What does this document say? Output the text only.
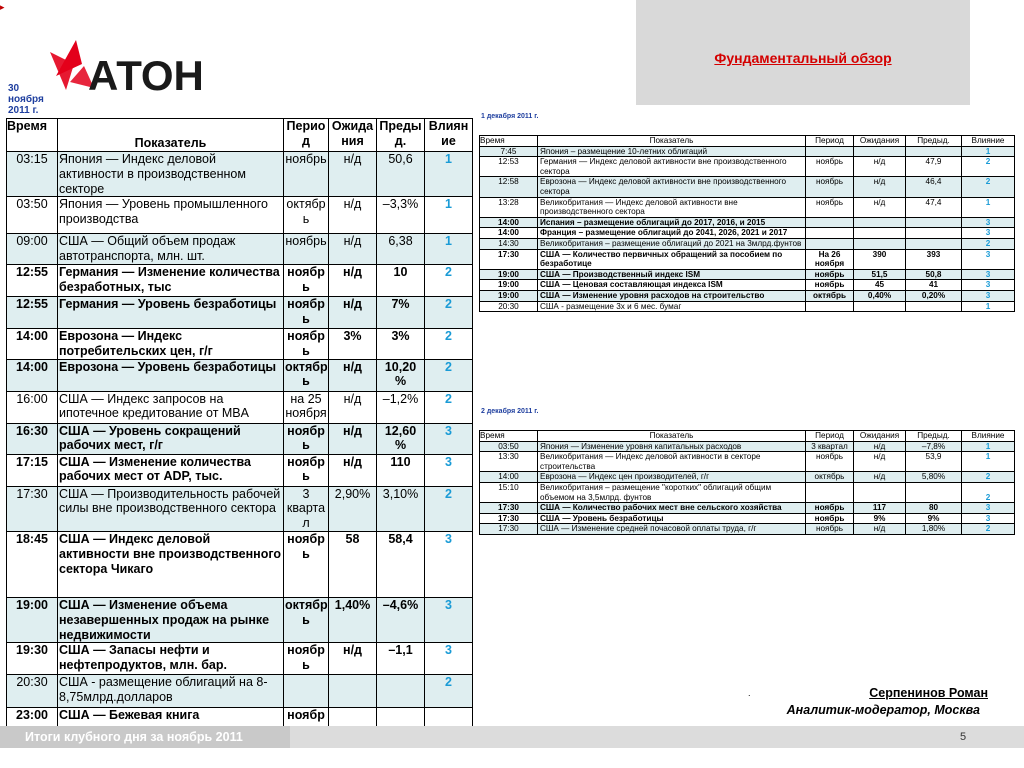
▸
Фундаментальный обзор
АТОН
30 ноября 2011 г.
1 декабря 2011 г.
2 декабря 2011 г.
Время	Показатель	Перио д	Ожида ния	Преды д.	Влиян ие
03:15	Япония — Индекс деловой активности в производственном секторе	ноябрь	н/д	50,6	1
03:50	Япония — Уровень промышленного производства	октябр ь	н/д	–3,3%	1
09:00	США — Общий объем продаж автотранспорта, млн. шт.	ноябрь	н/д	6,38	1
12:55	Германия — Изменение количества безработных, тыс	ноябр ь	н/д	10	2
12:55	Германия — Уровень безработицы	ноябр ь	н/д	7%	2
14:00	Еврозона — Индекс потребительских цен, г/г	ноябр ь	3%	3%	2
14:00	Еврозона — Уровень безработицы	октябр ь	н/д	10,20 %	2
16:00	США — Индекс запросов на ипотечное кредитование от MBA	на 25 ноября	н/д	–1,2%	2
16:30	США — Уровень сокращений рабочих мест, г/г	ноябр ь	н/д	12,60 %	3
17:15	США — Изменение количества рабочих мест от ADP, тыс.	ноябр ь	н/д	110	3
17:30	США — Производительность рабочей силы вне производственного сектора	3 кварта л	2,90%	3,10%	2
18:45	США — Индекс деловой активности вне производственного сектора Чикаго	ноябр ь	58	58,4	3
19:00	США — Изменение объема незавершенных продаж на рынке недвижимости	октябр ь	1,40%	–4,6%	3
19:30	США — Запасы нефти и нефтепродуктов, млн. бар.	ноябр ь	н/д	–1,1	3
20:30	США - размещение облигаций на 8-8,75млрд.долларов				2
23:00	США — Бежевая книга	ноябр			
Время	Показатель	Период	Ожидания	Предыд.	Влияние
7:45	Япония – размещение 10-летних облигаций				1
12:53	Германия — Индекс деловой активности вне производственного сектора	ноябрь	н/д	47,9	2
12:58	Еврозона — Индекс деловой активности вне производственного сектора	ноябрь	н/д	46,4	2
13:28	Великобритания — Индекс деловой активности вне производственного сектора	ноябрь	н/д	47,4	1
14:00	Испания – размещение облигаций до 2017, 2016, и 2015				3
14:00	Франция – размещение облигаций до 2041, 2026, 2021 и 2017				3
14:30	Великобритания – размещение облигаций до 2021 на 3млрд.фунтов				2
17:30	США — Количество первичных обращений за пособием по безработице	На 26 ноября	390	393	3
19:00	США — Производственный индекс ISM	ноябрь	51,5	50,8	3
19:00	США — Ценовая составляющая индекса ISM	ноябрь	45	41	3
19:00	США — Изменение уровня расходов на строительство	октябрь	0,40%	0,20%	3
20:30	США - размещение 3х и 6 мес. бумаг				1
Время	Показатель	Период	Ожидания	Предыд.	Влияние
03:50	Япония — Изменение уровня капитальных расходов	3 квартал	н/д	–7,8%	1
13:30	Великобритания — Индекс деловой активности в секторе строительства	ноябрь	н/д	53,9	1
14:00	Еврозона — Индекс цен производителей, г/г	октябрь	н/д	5,80%	2
15:10	Великобритания – размещение "коротких" облигаций общим объемом на 3,5млрд. фунтов				2
17:30	США — Количество рабочих мест вне сельского хозяйства	ноябрь	117	80	3
17:30	США — Уровень безработицы	ноябрь	9%	9%	3
17:30	США — Изменение средней почасовой оплаты труда, г/г	ноябрь	н/д	1,80%	2
.	Серпенинов Роман
Аналитик-модератор, Москва
Итоги клубного дня за ноябрь 2011	5
